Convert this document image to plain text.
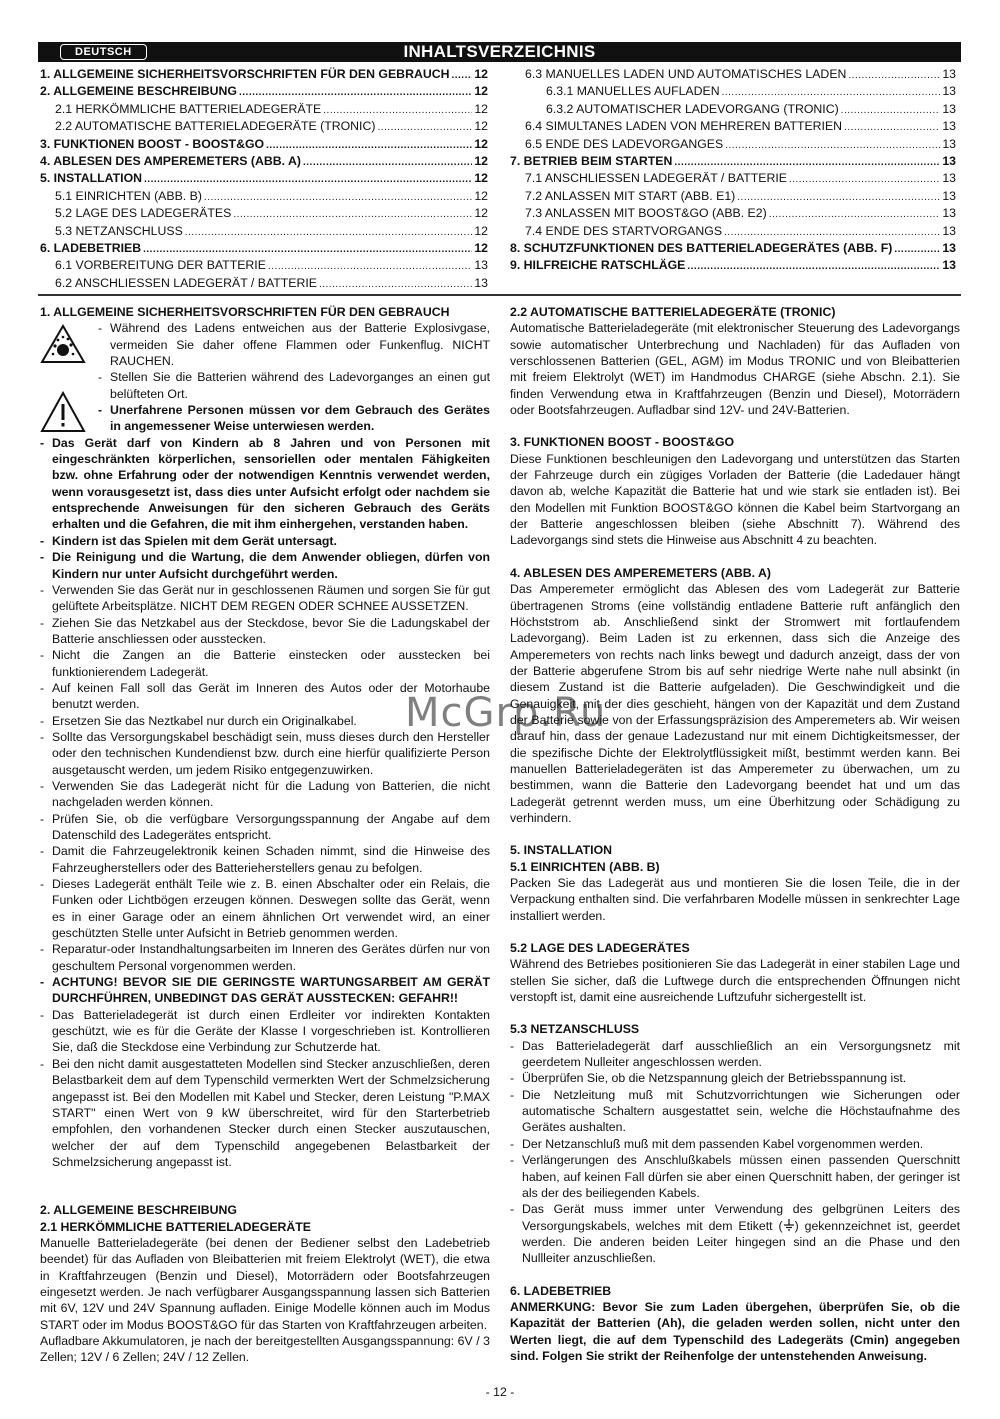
DEUTSCH	INHALTSVERZEICHNIS
1. ALLGEMEINE SICHERHEITSVORSCHRIFTEN FÜR DEN GEBRAUCH ..... 12
2. ALLGEMEINE BESCHREIBUNG .....	12
2.1 HERKÖMMLICHE BATTERIELADEGERÄTE .....	12
2.2 AUTOMATISCHE BATTERIELADEGERÄTE (TRONIC) .....	12
3. FUNKTIONEN BOOST - BOOST&GO .....	12
4. ABLESEN DES AMPEREMETERS (ABB. A) .....	12
5. INSTALLATION .....	12
5.1 EINRICHTEN (ABB. B) .....	12
5.2 LAGE DES LADEGERÄTES .....	12
5.3 NETZANSCHLUSS .....	12
6. LADEBETRIEB .....	12
6.1 VORBEREITUNG DER BATTERIE .....	13
6.2 ANSCHLIESSEN LADEGERÄT / BATTERIE .....	13
6.3 MANUELLES LADEN UND AUTOMATISCHES LADEN .....	13
6.3.1 MANUELLES AUFLADEN .....	13
6.3.2 AUTOMATISCHER LADEVORGANG (TRONIC) .....	13
6.4 SIMULTANES LADEN VON MEHREREN BATTERIEN .....	13
6.5 ENDE DES LADEVORGANGES .....	13
7. BETRIEB BEIM STARTEN .....	13
7.1 ANSCHLIESSEN LADEGERÄT / BATTERIE .....	13
7.2 ANLASSEN MIT START (ABB. E1) .....	13
7.3 ANLASSEN MIT BOOST&GO (ABB. E2) .....	13
7.4 ENDE DES STARTVORGANGS .....	13
8. SCHUTZFUNKTIONEN DES BATTERIELADEGERÄTES (ABB. F) .....	13
9. HILFREICHE RATSCHLÄGE .....	13

1. ALLGEMEINE SICHERHEITSVORSCHRIFTEN FÜR DEN GEBRAUCH

- Während des Ladens entweichen aus der Batterie Explosivgase, vermeiden Sie daher offene Flammen oder Funkenflug. NICHT RAUCHEN.
- Stellen Sie die Batterien während des Ladevorganges an einen gut belüfteten Ort.
- Unerfahrene Personen müssen vor dem Gebrauch des Gerätes in angemessener Weise unterwiesen werden.
- Das Gerät darf von Kindern ab 8 Jahren und von Personen mit eingeschränkten körperlichen, sensoriellen oder mentalen Fähigkeiten bzw. ohne Erfahrung oder der notwendigen Kenntnis verwendet werden, wenn vorausgesetzt ist, dass dies unter Aufsicht erfolgt oder nachdem sie entsprechende Anweisungen für den sicheren Gebrauch des Geräts erhalten und die Gefahren, die mit ihm einhergehen, verstanden haben.
- Kindern ist das Spielen mit dem Gerät untersagt.
- Die Reinigung und die Wartung, die dem Anwender obliegen, dürfen von Kindern nur unter Aufsicht durchgeführt werden.
- Verwenden Sie das Gerät nur in geschlossenen Räumen und sorgen Sie für gut gelüftete Arbeitsplätze. NICHT DEM REGEN ODER SCHNEE AUSSETZEN.
- Ziehen Sie das Netzkabel aus der Steckdose, bevor Sie die Ladungskabel der Batterie anschliessen oder ausstecken.
- Nicht die Zangen an die Batterie einstecken oder ausstecken bei funktionierendem Ladegerät.
- Auf keinen Fall soll das Gerät im Inneren des Autos oder der Motorhaube benutzt werden.
- Ersetzen Sie das Neztkabel nur durch ein Originalkabel.
- Sollte das Versorgungskabel beschädigt sein, muss dieses durch den Hersteller oder den technischen Kundendienst bzw. durch eine hierfür qualifizierte Person ausgetauscht werden, um jedem Risiko entgegenzuwirken.
- Verwenden Sie das Ladegerät nicht für die Ladung von Batterien, die nicht nachgeladen werden können.
- Prüfen Sie, ob die verfügbare Versorgungsspannung der Angabe auf dem Datenschild des Ladegerätes entspricht.
- Damit die Fahrzeugelektronik keinen Schaden nimmt, sind die Hinweise des Fahrzeugherstellers oder des Batterieherstellers genau zu befolgen.
- Dieses Ladegerät enthält Teile wie z. B. einen Abschalter oder ein Relais, die Funken oder Lichtbögen erzeugen können. Deswegen sollte das Gerät, wenn es in einer Garage oder an einem ähnlichen Ort verwendet wird, an einer geschützten Stelle unter Aufsicht in Betrieb genommen werden.
- Reparatur-oder Instandhaltungsarbeiten im Inneren des Gerätes dürfen nur von geschultem Personal vorgenommen werden.
- ACHTUNG! BEVOR SIE DIE GERINGSTE WARTUNGSARBEIT AM GERÄT DURCHFÜHREN, UNBEDINGT DAS GERÄT AUSSTECKEN: GEFAHR!!
- Das Batterieladegerät ist durch einen Erdleiter vor indirekten Kontakten geschützt, wie es für die Geräte der Klasse I vorgeschrieben ist. Kontrollieren Sie, daß die Steckdose eine Verbindung zur Schutzerde hat.
- Bei den nicht damit ausgestatteten Modellen sind Stecker anzuschließen, deren Belastbarkeit dem auf dem Typenschild vermerkten Wert der Schmelzsicherung angepasst ist. Bei den Modellen mit Kabel und Stecker, deren Leistung "P.MAX START" einen Wert von 9 kW überschreitet, wird für den Starterbetrieb empfohlen, den vorhandenen Stecker durch einen Stecker auszutauschen, welcher der auf dem Typenschild angegebenen Belastbarkeit der Schmelzsicherung angepasst ist.

2. ALLGEMEINE BESCHREIBUNG

2.1 HERKÖMMLICHE BATTERIELADEGERÄTE

Manuelle Batterieladegeräte (bei denen der Bediener selbst den Ladebetrieb beendet) für das Aufladen von Bleibatterien mit freiem Elektrolyt (WET), die etwa in Kraftfahrzeugen (Benzin und Diesel), Motorrädern oder Bootsfahrzeugen eingesetzt werden. Je nach verfügbarer Ausgangsspannung lassen sich Batterien mit 6V, 12V und 24V Spannung aufladen. Einige Modelle können auch im Modus START oder im Modus BOOST&GO für das Starten von Kraftfahrzeugen arbeiten.

Aufladbare Akkumulatoren, je nach der bereitgestellten Ausgangsspannung: 6V / 3 Zellen; 12V / 6 Zellen; 24V / 12 Zellen.

2.2 AUTOMATISCHE BATTERIELADEGERÄTE (TRONIC)

Automatische Batterieladegeräte (mit elektronischer Steuerung des Ladevorgangs sowie automatischer Unterbrechung und Nachladen) für das Aufladen von verschlossenen Batterien (GEL, AGM) im Modus TRONIC und von Bleibatterien mit freiem Elektrolyt (WET) im Handmodus CHARGE (siehe Abschn. 2.1). Sie finden Verwendung etwa in Kraftfahrzeugen (Benzin und Diesel), Motorrädern oder Bootsfahrzeugen. Aufladbar sind 12V- und 24V-Batterien.

3. FUNKTIONEN BOOST - BOOST&GO

Diese Funktionen beschleunigen den Ladevorgang und unterstützen das Starten der Fahrzeuge durch ein zügiges Vorladen der Batterie (die Ladedauer hängt davon ab, welche Kapazität die Batterie hat und wie stark sie entladen ist). Bei den Modellen mit Funktion BOOST&GO können die Kabel beim Startvorgang an der Batterie angeschlossen bleiben (siehe Abschnitt 7). Während des Ladevorgangs sind stets die Hinweise aus Abschnitt 4 zu beachten.

4. ABLESEN DES AMPEREMETERS (ABB. A)

Das Amperemeter ermöglicht das Ablesen des vom Ladegerät zur Batterie übertragenen Stroms (eine vollständig entladene Batterie ruft anfänglich den Höchststrom ab. Anschließend sinkt der Stromwert mit fortlaufendem Ladevorgang). Beim Laden ist zu erkennen, dass sich die Anzeige des Amperemeters von rechts nach links bewegt und dadurch anzeigt, dass der von der Batterie abgerufene Strom bis auf sehr niedrige Werte nahe null absinkt (in diesem Zustand ist die Batterie aufgeladen). Die Geschwindigkeit und die Genauigkeit, mit der dies geschieht, hängen von der Kapazität und dem Zustand der Batterie sowie von der Erfassungspräzision des Amperemeters ab. Wir weisen darauf hin, dass der genaue Ladezustand nur mit einem Dichtigkeitsmesser, der die spezifische Dichte der Elektrolytflüssigkeit mißt, bestimmt werden kann. Bei manuellen Batterieladegeräten ist das Amperemeter zu überwachen, um zu bestimmen, wann die Batterie den Ladevorgang beendet hat und um das Ladegerät getrennt werden muss, um eine Überhitzung oder Schädigung zu verhindern.

5. INSTALLATION

5.1 EINRICHTEN (ABB. B)

Packen Sie das Ladegerät aus und montieren Sie die losen Teile, die in der Verpackung enthalten sind. Die verfahrbaren Modelle müssen in senkrechter Lage installiert werden.

5.2 LAGE DES LADEGERÄTES

Während des Betriebes positionieren Sie das Ladegerät in einer stabilen Lage und stellen Sie sicher, daß die Luftwege durch die entsprechenden Öffnungen nicht verstopft ist, damit eine ausreichende Luftzufuhr sichergestellt ist.

5.3 NETZANSCHLUSS

- Das Batterieladegerät darf ausschließlich an ein Versorgungsnetz mit geerdetem Nulleiter angeschlossen werden.
- Überprüfen Sie, ob die Netzspannung gleich der Betriebsspannung ist.
- Die Netzleitung muß mit Schutzvorrichtungen wie Sicherungen oder automatische Schaltern ausgestattet sein, welche die Höchstaufnahme des Gerätes aushalten.
- Der Netzanschluß muß mit dem passenden Kabel vorgenommen werden.
- Verlängerungen des Anschlußkabels müssen einen passenden Querschnitt haben, auf keinen Fall dürfen sie aber einen Querschnitt haben, der geringer ist als der des beiliegenden Kabels.
- Das Gerät muss immer unter Verwendung des gelbgrünen Leiters des Versorgungskabels, welches mit dem Etikett ( ) gekennzeichnet ist, geerdet werden. Die anderen beiden Leiter hingegen sind an die Phase und den Nullleiter anzuschließen.

6. LADEBETRIEB

ANMERKUNG: Bevor Sie zum Laden übergehen, überprüfen Sie, ob die Kapazität der Batterien (Ah), die geladen werden sollen, nicht unter den Werten liegt, die auf dem Typenschild des Ladegeräts (Cmin) angegeben sind. Folgen Sie strikt der Reihenfolge der untenstehenden Anweisung.

McGrp.Ru
- 12 -
